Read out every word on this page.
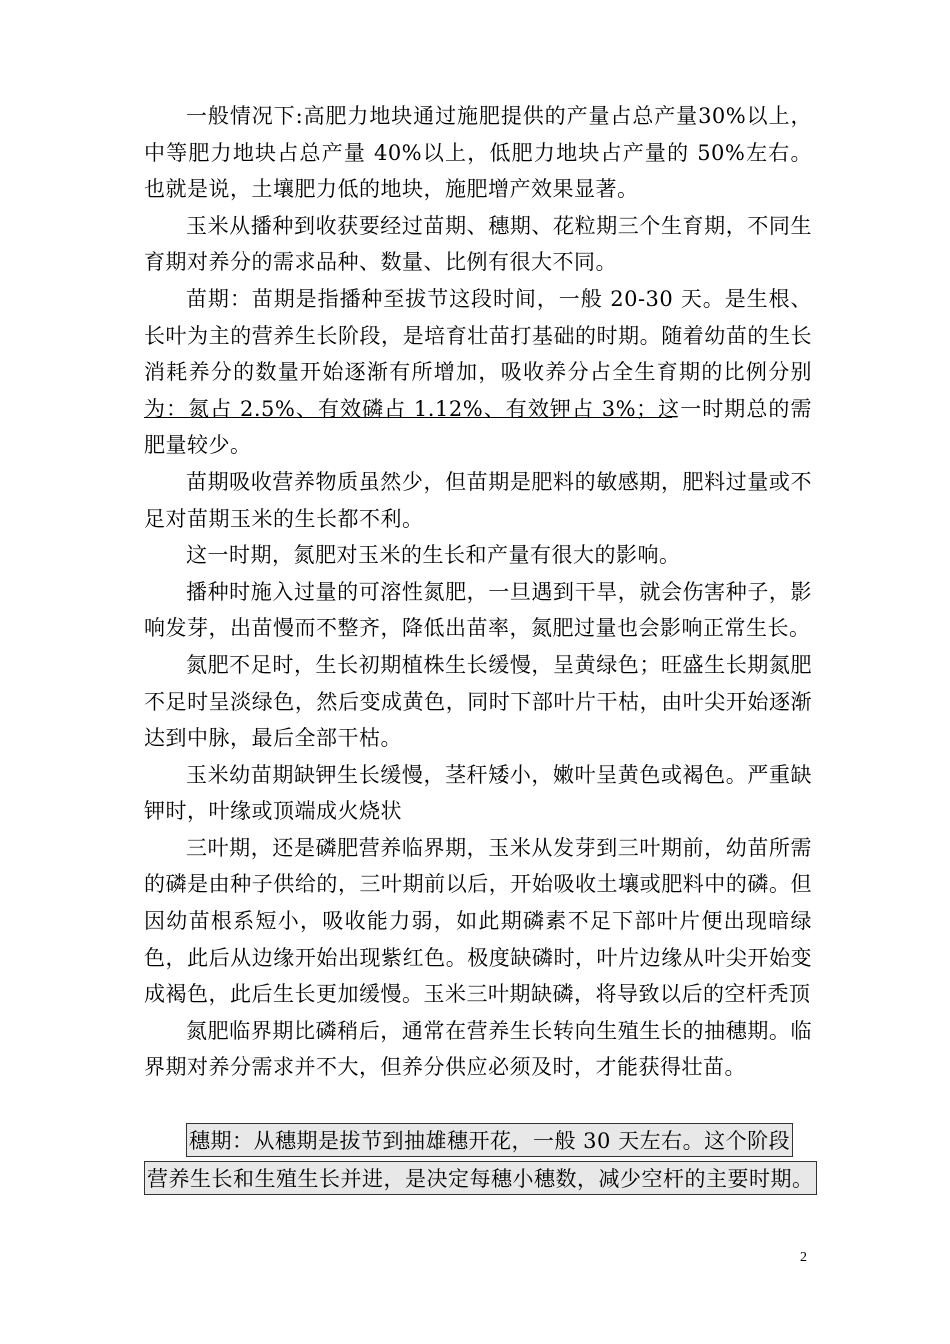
一般情况下:高肥力地块通过施肥提供的产量占总产量30%以上，中等肥力地块占总产量 40%以上，低肥力地块占产量的 50%左右。也就是说，土壤肥力低的地块，施肥增产效果显著。

玉米从播种到收获要经过苗期、穗期、花粒期三个生育期，不同生育期对养分的需求品种、数量、比例有很大不同。

苗期：苗期是指播种至拔节这段时间，一般 20-30 天。是生根、长叶为主的营养生长阶段，是培育壮苗打基础的时期。随着幼苗的生长消耗养分的数量开始逐渐有所增加，吸收养分占全生育期的比例分别为：氮占 2.5%、有效磷占 1.12%、有效钾占 3%；这一时期总的需肥量较少。

苗期吸收营养物质虽然少，但苗期是肥料的敏感期，肥料过量或不足对苗期玉米的生长都不利。

这一时期，氮肥对玉米的生长和产量有很大的影响。

播种时施入过量的可溶性氮肥，一旦遇到干旱，就会伤害种子，影响发芽，出苗慢而不整齐，降低出苗率，氮肥过量也会影响正常生长。

氮肥不足时，生长初期植株生长缓慢，呈黄绿色；旺盛生长期氮肥不足时呈淡绿色，然后变成黄色，同时下部叶片干枯，由叶尖开始逐渐达到中脉，最后全部干枯。

玉米幼苗期缺钾生长缓慢，茎秆矮小，嫩叶呈黄色或褐色。严重缺钾时，叶缘或顶端成火烧状

三叶期，还是磷肥营养临界期，玉米从发芽到三叶期前，幼苗所需的磷是由种子供给的，三叶期前以后，开始吸收土壤或肥料中的磷。但因幼苗根系短小，吸收能力弱，如此期磷素不足下部叶片便出现暗绿色，此后从边缘开始出现紫红色。极度缺磷时，叶片边缘从叶尖开始变成褐色，此后生长更加缓慢。玉米三叶期缺磷，将导致以后的空杆秃顶

氮肥临界期比磷稍后，通常在营养生长转向生殖生长的抽穗期。临界期对养分需求并不大，但养分供应必须及时，才能获得壮苗。

穗期：从穗期是拔节到抽雄穗开花，一般 30 天左右。这个阶段
营养生长和生殖生长并进，是决定每穗小穗数，减少空杆的主要时期。
2
